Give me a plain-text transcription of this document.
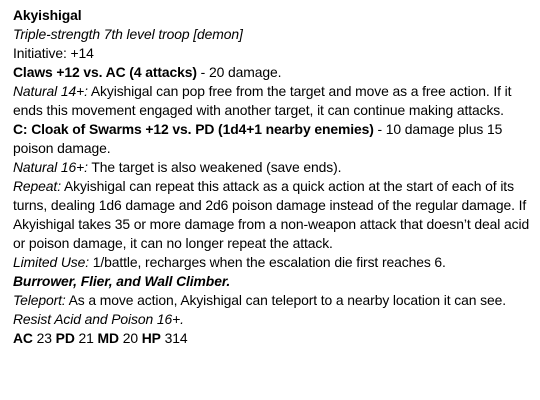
Akyishigal

Triple-strength 7th level troop [demon]

Initiative: +14

Claws +12 vs. AC (4 attacks) - 20 damage.

Natural 14+: Akyishigal can pop free from the target and move as a free action. If it ends this movement engaged with another target, it can continue making attacks.

C: Cloak of Swarms +12 vs. PD (1d4+1 nearby enemies) - 10 damage plus 15 poison damage.

Natural 16+: The target is also weakened (save ends).

Repeat: Akyishigal can repeat this attack as a quick action at the start of each of its turns, dealing 1d6 damage and 2d6 poison damage instead of the regular damage. If Akyishigal takes 35 or more damage from a non-weapon attack that doesn’t deal acid or poison damage, it can no longer repeat the attack.

Limited Use: 1/battle, recharges when the escalation die first reaches 6.

Burrower, Flier, and Wall Climber.

Teleport: As a move action, Akyishigal can teleport to a nearby location it can see.

Resist Acid and Poison 16+.

AC 23 PD 21 MD 20 HP 314
